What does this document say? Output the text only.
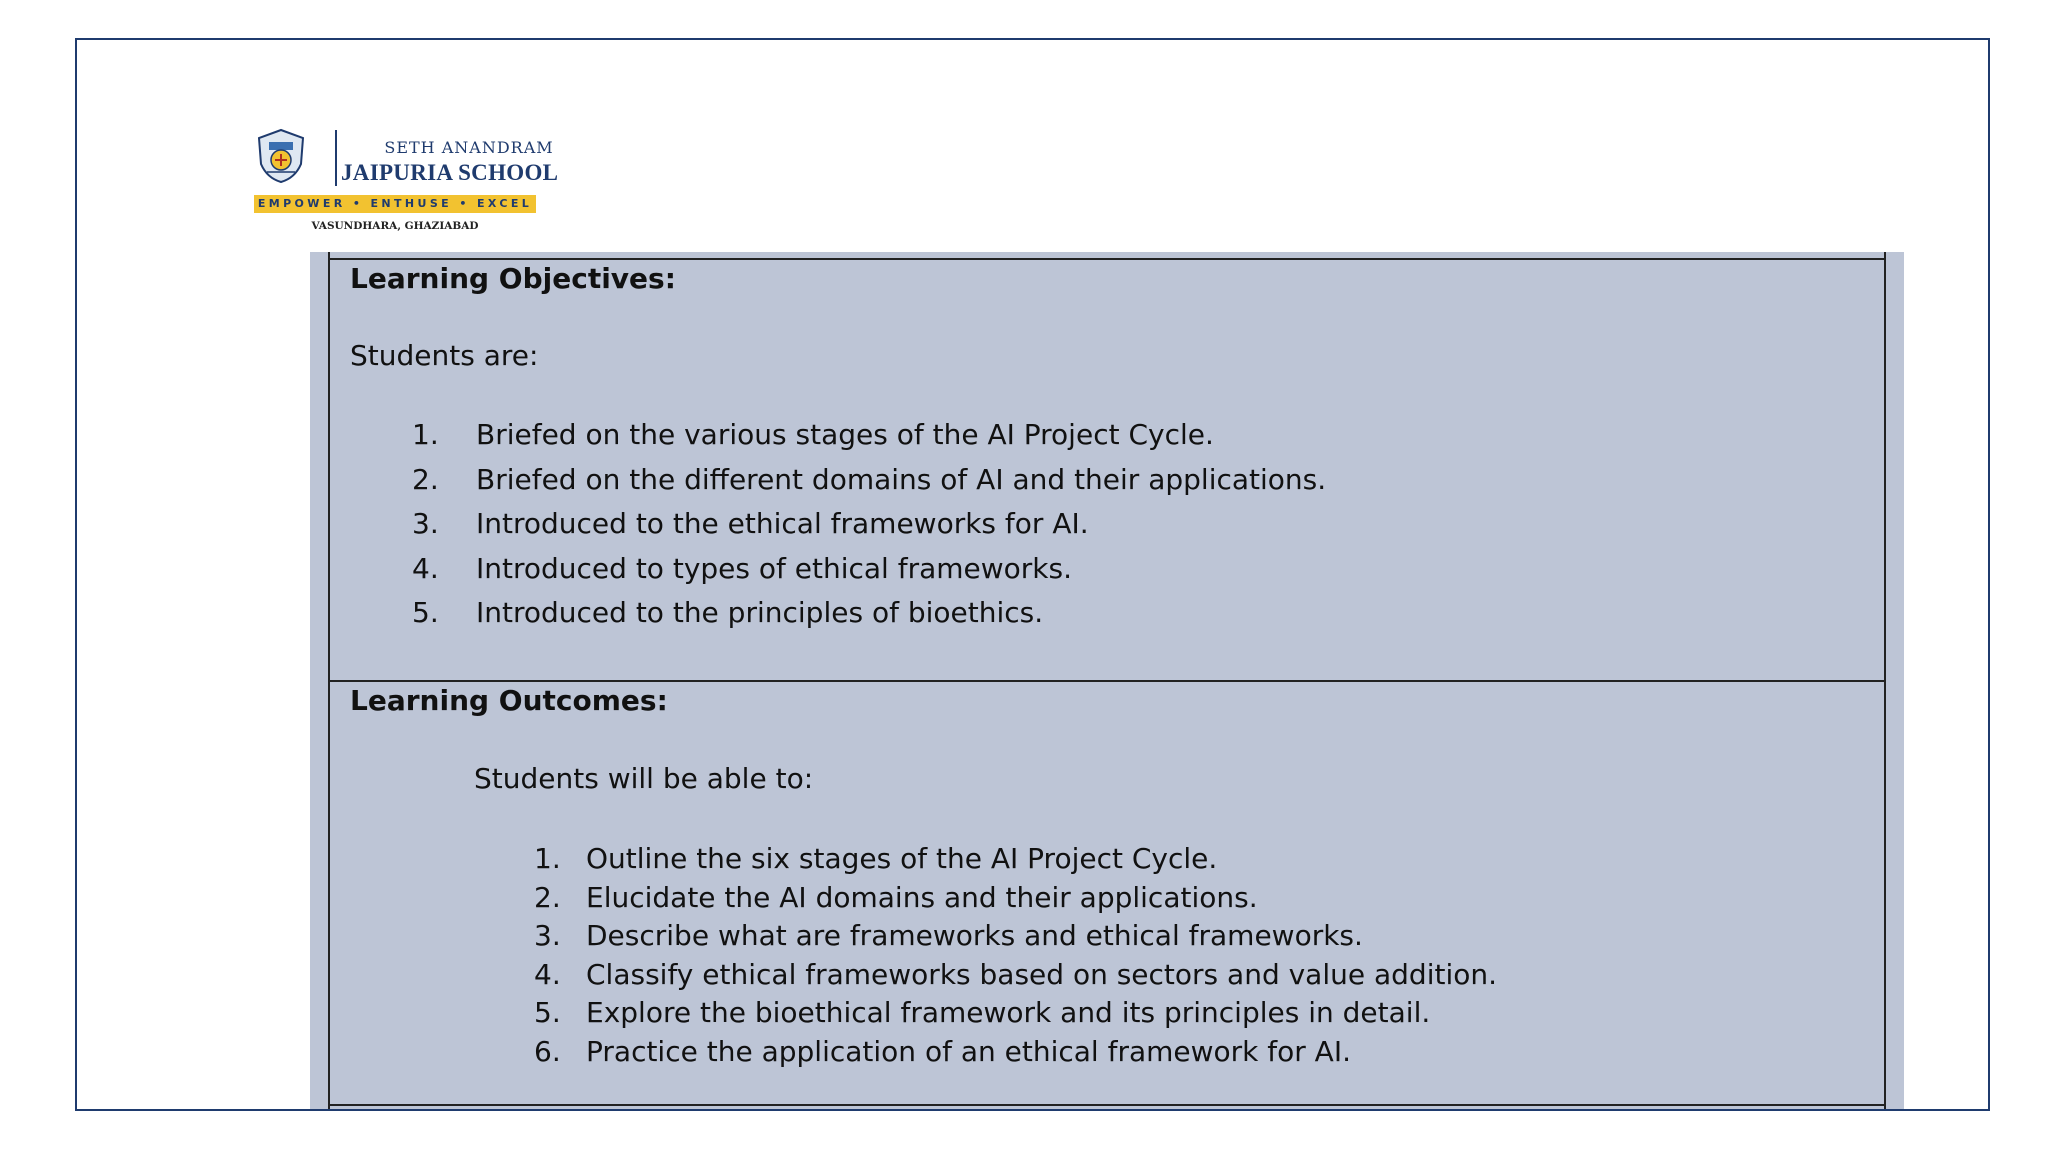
SETH ANANDRAM
JAIPURIA SCHOOL
EMPOWER • ENTHUSE • EXCEL
VASUNDHARA, GHAZIABAD
Learning Objectives:
Students are:
1. Briefed on the various stages of the AI Project Cycle.
2. Briefed on the different domains of AI and their applications.
3. Introduced to the ethical frameworks for AI.
4. Introduced to types of ethical frameworks.
5. Introduced to the principles of bioethics.
Learning Outcomes:
Students will be able to:
1. Outline the six stages of the AI Project Cycle.
2. Elucidate the AI domains and their applications.
3. Describe what are frameworks and ethical frameworks.
4. Classify ethical frameworks based on sectors and value addition.
5. Explore the bioethical framework and its principles in detail.
6. Practice the application of an ethical framework for AI.
